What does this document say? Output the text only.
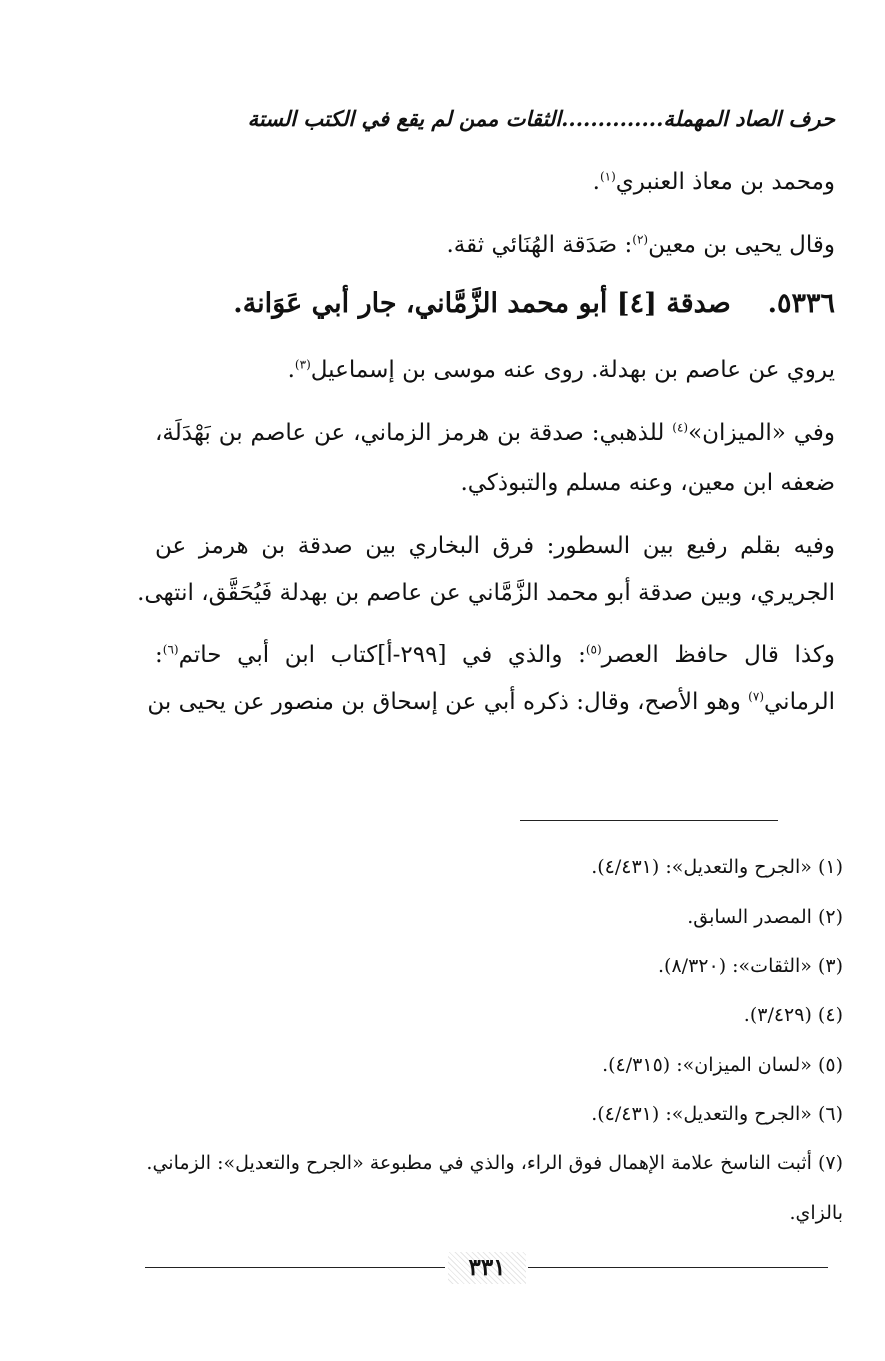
حرف الصاد المهملة..............الثقات ممن لم يقع في الكتب الستة
ومحمد بن معاذ العنبري$^{(١)}$.
وقال يحيى بن معين$^{(٢)}$: صَدَقة الهُنَائي ثقة.
٥٣٣٦.  صدقة [٤] أبو محمد الزَّمَّاني، جار أبي عَوَانة.
يروي عن عاصم بن بهدلة. روى عنه موسى بن إسماعيل$^{(٣)}$.
وفي «الميزان»$^{(٤)}$ للذهبي: صدقة بن هرمز الزماني، عن عاصم بن بَهْدَلَة،
ضعفه ابن معين، وعنه مسلم والتبوذكي.
وفيه بقلم رفيع بين السطور: فرق البخاري بين صدقة بن هرمز عن
الجريري، وبين صدقة أبو محمد الزَّمَّاني عن عاصم بن بهدلة فَيُحَقَّق، انتهى.
وكذا قال حافظ العصر$^{(٥)}$: والذي في [٢٩٩-أ]كتاب ابن أبي حاتم$^{(٦)}$:
الرماني$^{(٧)}$ وهو الأصح، وقال: ذكره أبي عن إسحاق بن منصور عن يحيى بن
(١) «الجرح والتعديل»: (٤/٤٣١).
(٢) المصدر السابق.
(٣) «الثقات»: (٨/٣٢٠).
(٤) (٣/٤٢٩).
(٥) «لسان الميزان»: (٤/٣١٥).
(٦) «الجرح والتعديل»: (٤/٤٣١).
(٧) أثبت الناسخ علامة الإهمال فوق الراء، والذي في مطبوعة «الجرح والتعديل»: الزماني.
بالزاي.
٣٣١
